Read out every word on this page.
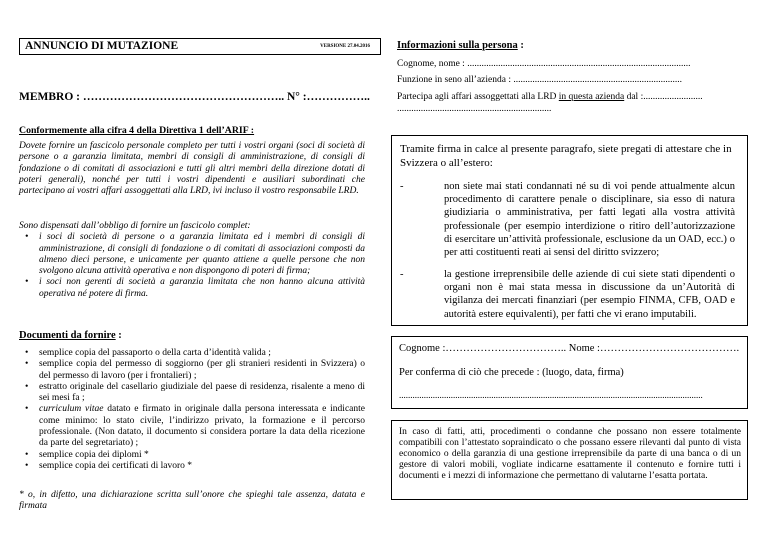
ANNUNCIO DI MUTAZIONE	VERSIONE 27.04.2016
MEMBRO : …………………………………………….. N° :……………..
Informazioni sulla persona :
Cognome, nome : ..............................................................................................
Funzione in seno all’azienda : .......................................................................
Partecipa agli affari assoggettati alla LRD in questa azienda dal :.........................
.................................................................
Conformemente alla cifra 4 della Direttiva 1 dell’ARIF :
Dovete fornire un fascicolo personale completo per tutti i vostri organi (soci di società di persone o a garanzia limitata, membri di consigli di amministrazione, di consigli di fondazione o di comitati di associazioni e tutti gli altri membri della direzione dotati di poteri generali), nonché per tutti i vostri dipendenti e ausiliari subordinati che partecipano ai vostri affari assoggettati alla LRD, ivi incluso il vostro responsabile LRD.
Sono dispensati dall’obbligo di fornire un fascicolo complet:
• i soci di società di persone o a garanzia limitata ed i membri di consigli di amministrazione, di consigli di fondazione o di comitati di associazioni composti da almeno dieci persone, e unicamente per quanto attiene a quelle persone che non svolgono alcuna attività operativa e non dispongono di poteri di firma;
• i soci non gerenti di società a garanzia limitata che non hanno alcuna attività operativa né potere di firma.
Documenti da fornire :
• semplice copia del passaporto o della carta d’identità valida ;
• semplice copia del permesso di soggiorno (per gli stranieri residenti in Svizzera) o del permesso di lavoro (per i frontalieri) ;
• estratto originale del casellario giudiziale del paese di residenza, risalente a meno di sei mesi fa ;
• curriculum vitae datato e firmato in originale dalla persona interessata e indicante come minimo: lo stato civile, l’indirizzo privato, la formazione e il percorso professionale. (Non datato, il documento si considera portare la data della ricezione da parte del segretariato) ;
• semplice copia dei diplomi *
• semplice copia dei certificati di lavoro *
* o, in difetto, una dichiarazione scritta sull’onore che spieghi tale assenza, datata e firmata

Tramite firma in calce al presente paragrafo, siete pregati di attestare che in Svizzera o all’estero:

-	non siete mai stati condannati né su di voi pende attualmente alcun procedimento di carattere penale o disciplinare, sia esso di natura giudiziaria o amministrativa, per fatti legati alla vostra attività professionale (per esempio interdizione o ritiro dell’autorizzazione di esercitare un’attività professionale, esclusione da un OAD, ecc.) o per atti costituenti reati ai sensi del diritto svizzero;
-	la gestione irreprensibile delle aziende di cui siete stati dipendenti o organi non è mai stata messa in discussione da un’Autorità di vigilanza dei mercati finanziari (per esempio FINMA, CFB, OAD e autorità estere equivalenti), per fatti che vi erano imputabili.
Cognome :…………………………….. Nome :………………………………….
Per conferma di ciò che precede : (luogo, data, firma)
.......................................................................................................................................

In caso di fatti, atti, procedimenti o condanne che possano non essere totalmente compatibili con l’attestato sopraindicato o che possano essere rilevanti dal punto di vista economico o della garanzia di una gestione irreprensibile da parte di una banca o di un gestore di valori mobili, vogliate indicarne esattamente il contenuto e fornire tutti i documenti e i mezzi di informazione che permettano di valutarne l’esatta portata.
